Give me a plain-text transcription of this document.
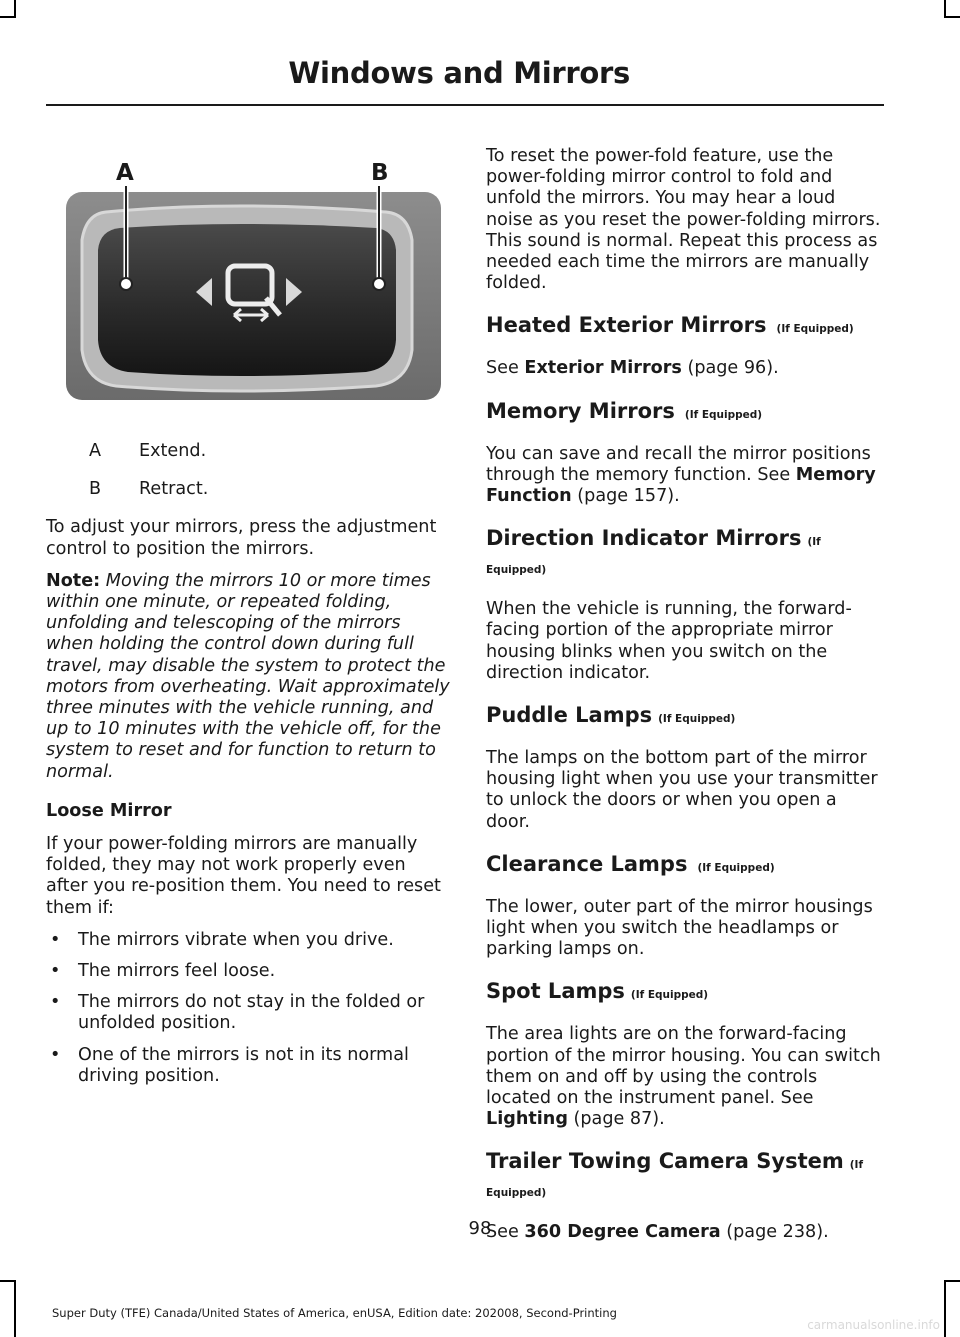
Windows and Mirrors
A	B
A	Extend.
B	Retract.

To adjust your mirrors, press the adjustment control to position the mirrors.

Note: Moving the mirrors 10 or more times within one minute, or repeated folding, unfolding and telescoping of the mirrors when holding the control down during full travel, may disable the system to protect the motors from overheating. Wait approximately three minutes with the vehicle running, and up to 10 minutes with the vehicle off, for the system to reset and for function to return to normal.

Loose Mirror

If your power-folding mirrors are manually folded, they may not work properly even after you re-position them. You need to reset them if:

•	The mirrors vibrate when you drive.
•	The mirrors feel loose.
•	The mirrors do not stay in the folded or unfolded position.
•	One of the mirrors is not in its normal driving position.

To reset the power-fold feature, use the power-folding mirror control to fold and unfold the mirrors. You may hear a loud noise as you reset the power-folding mirrors. This sound is normal. Repeat this process as needed each time the mirrors are manually folded.

Heated Exterior Mirrors (If Equipped)

See Exterior Mirrors (page 96).

Memory Mirrors (If Equipped)

You can save and recall the mirror positions through the memory function. See Memory Function (page 157).

Direction Indicator Mirrors (If Equipped)

When the vehicle is running, the forward-facing portion of the appropriate mirror housing blinks when you switch on the direction indicator.

Puddle Lamps (If Equipped)

The lamps on the bottom part of the mirror housing light when you use your transmitter to unlock the doors or when you open a door.

Clearance Lamps (If Equipped)

The lower, outer part of the mirror housings light when you switch the headlamps or parking lamps on.

Spot Lamps (If Equipped)

The area lights are on the forward-facing portion of the mirror housing. You can switch them on and off by using the controls located on the instrument panel. See Lighting (page 87).

Trailer Towing Camera System (If
Equipped)

See 360 Degree Camera (page 238).

98
Super Duty (TFE) Canada/United States of America, enUSA, Edition date: 202008, Second-Printing
carmanualsonline.info
